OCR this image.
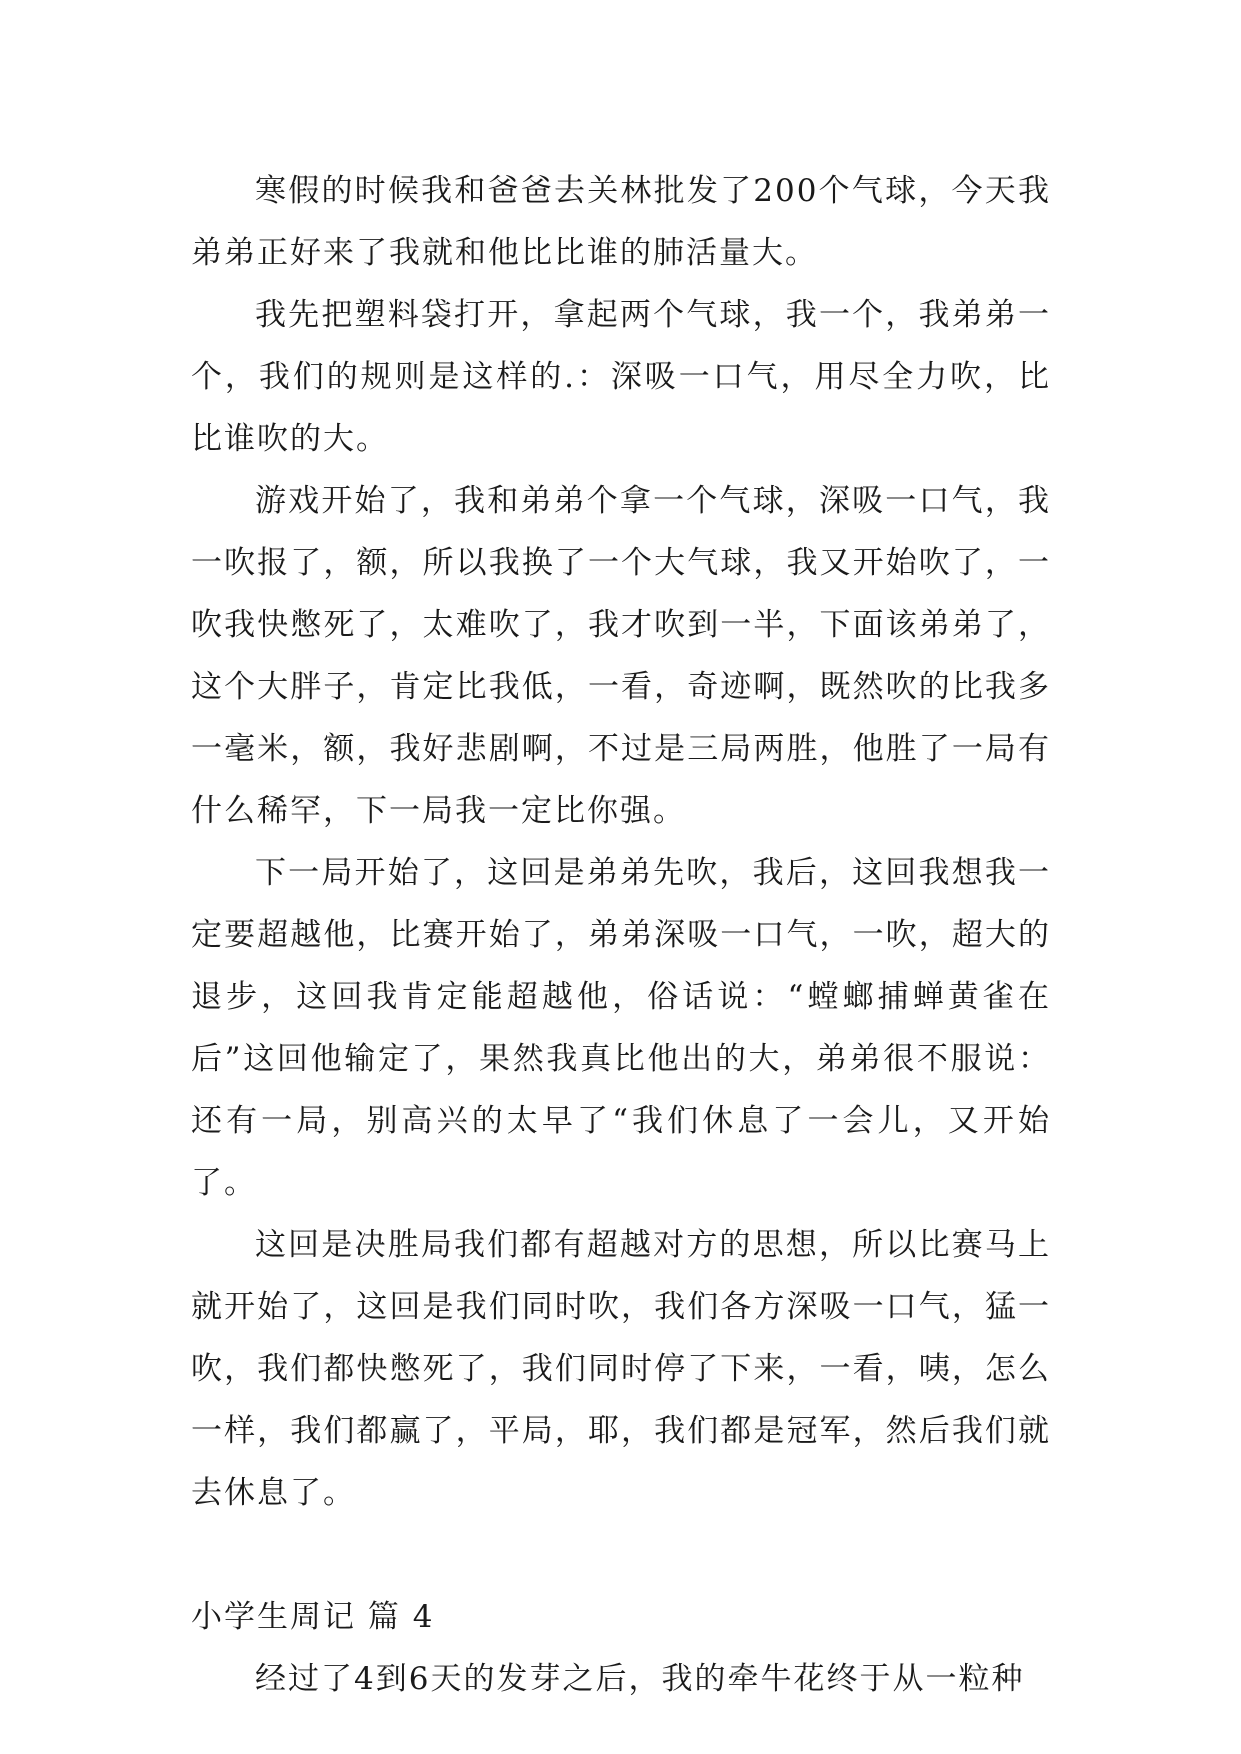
寒假的时候我和爸爸去关林批发了200个气球，今天我弟弟正好来了我就和他比比谁的肺活量大。

我先把塑料袋打开，拿起两个气球，我一个，我弟弟一个，我们的规则是这样的.：深吸一口气，用尽全力吹，比比谁吹的大。

游戏开始了，我和弟弟个拿一个气球，深吸一口气，我一吹报了，额，所以我换了一个大气球，我又开始吹了，一吹我快憋死了，太难吹了，我才吹到一半，下面该弟弟了，这个大胖子，肯定比我低，一看，奇迹啊，既然吹的比我多一毫米，额，我好悲剧啊，不过是三局两胜，他胜了一局有什么稀罕，下一局我一定比你强。

下一局开始了，这回是弟弟先吹，我后，这回我想我一定要超越他，比赛开始了，弟弟深吸一口气，一吹，超大的退步，这回我肯定能超越他，俗话说：“螳螂捕蝉黄雀在后”这回他输定了，果然我真比他出的大，弟弟很不服说：还有一局，别高兴的太早了“我们休息了一会儿，又开始了。

这回是决胜局我们都有超越对方的思想，所以比赛马上就开始了，这回是我们同时吹，我们各方深吸一口气，猛一吹，我们都快憋死了，我们同时停了下来，一看，咦，怎么一样，我们都赢了，平局，耶，我们都是冠军，然后我们就去休息了。

小学生周记 篇 4

经过了4到6天的发芽之后，我的牵牛花终于从一粒种
